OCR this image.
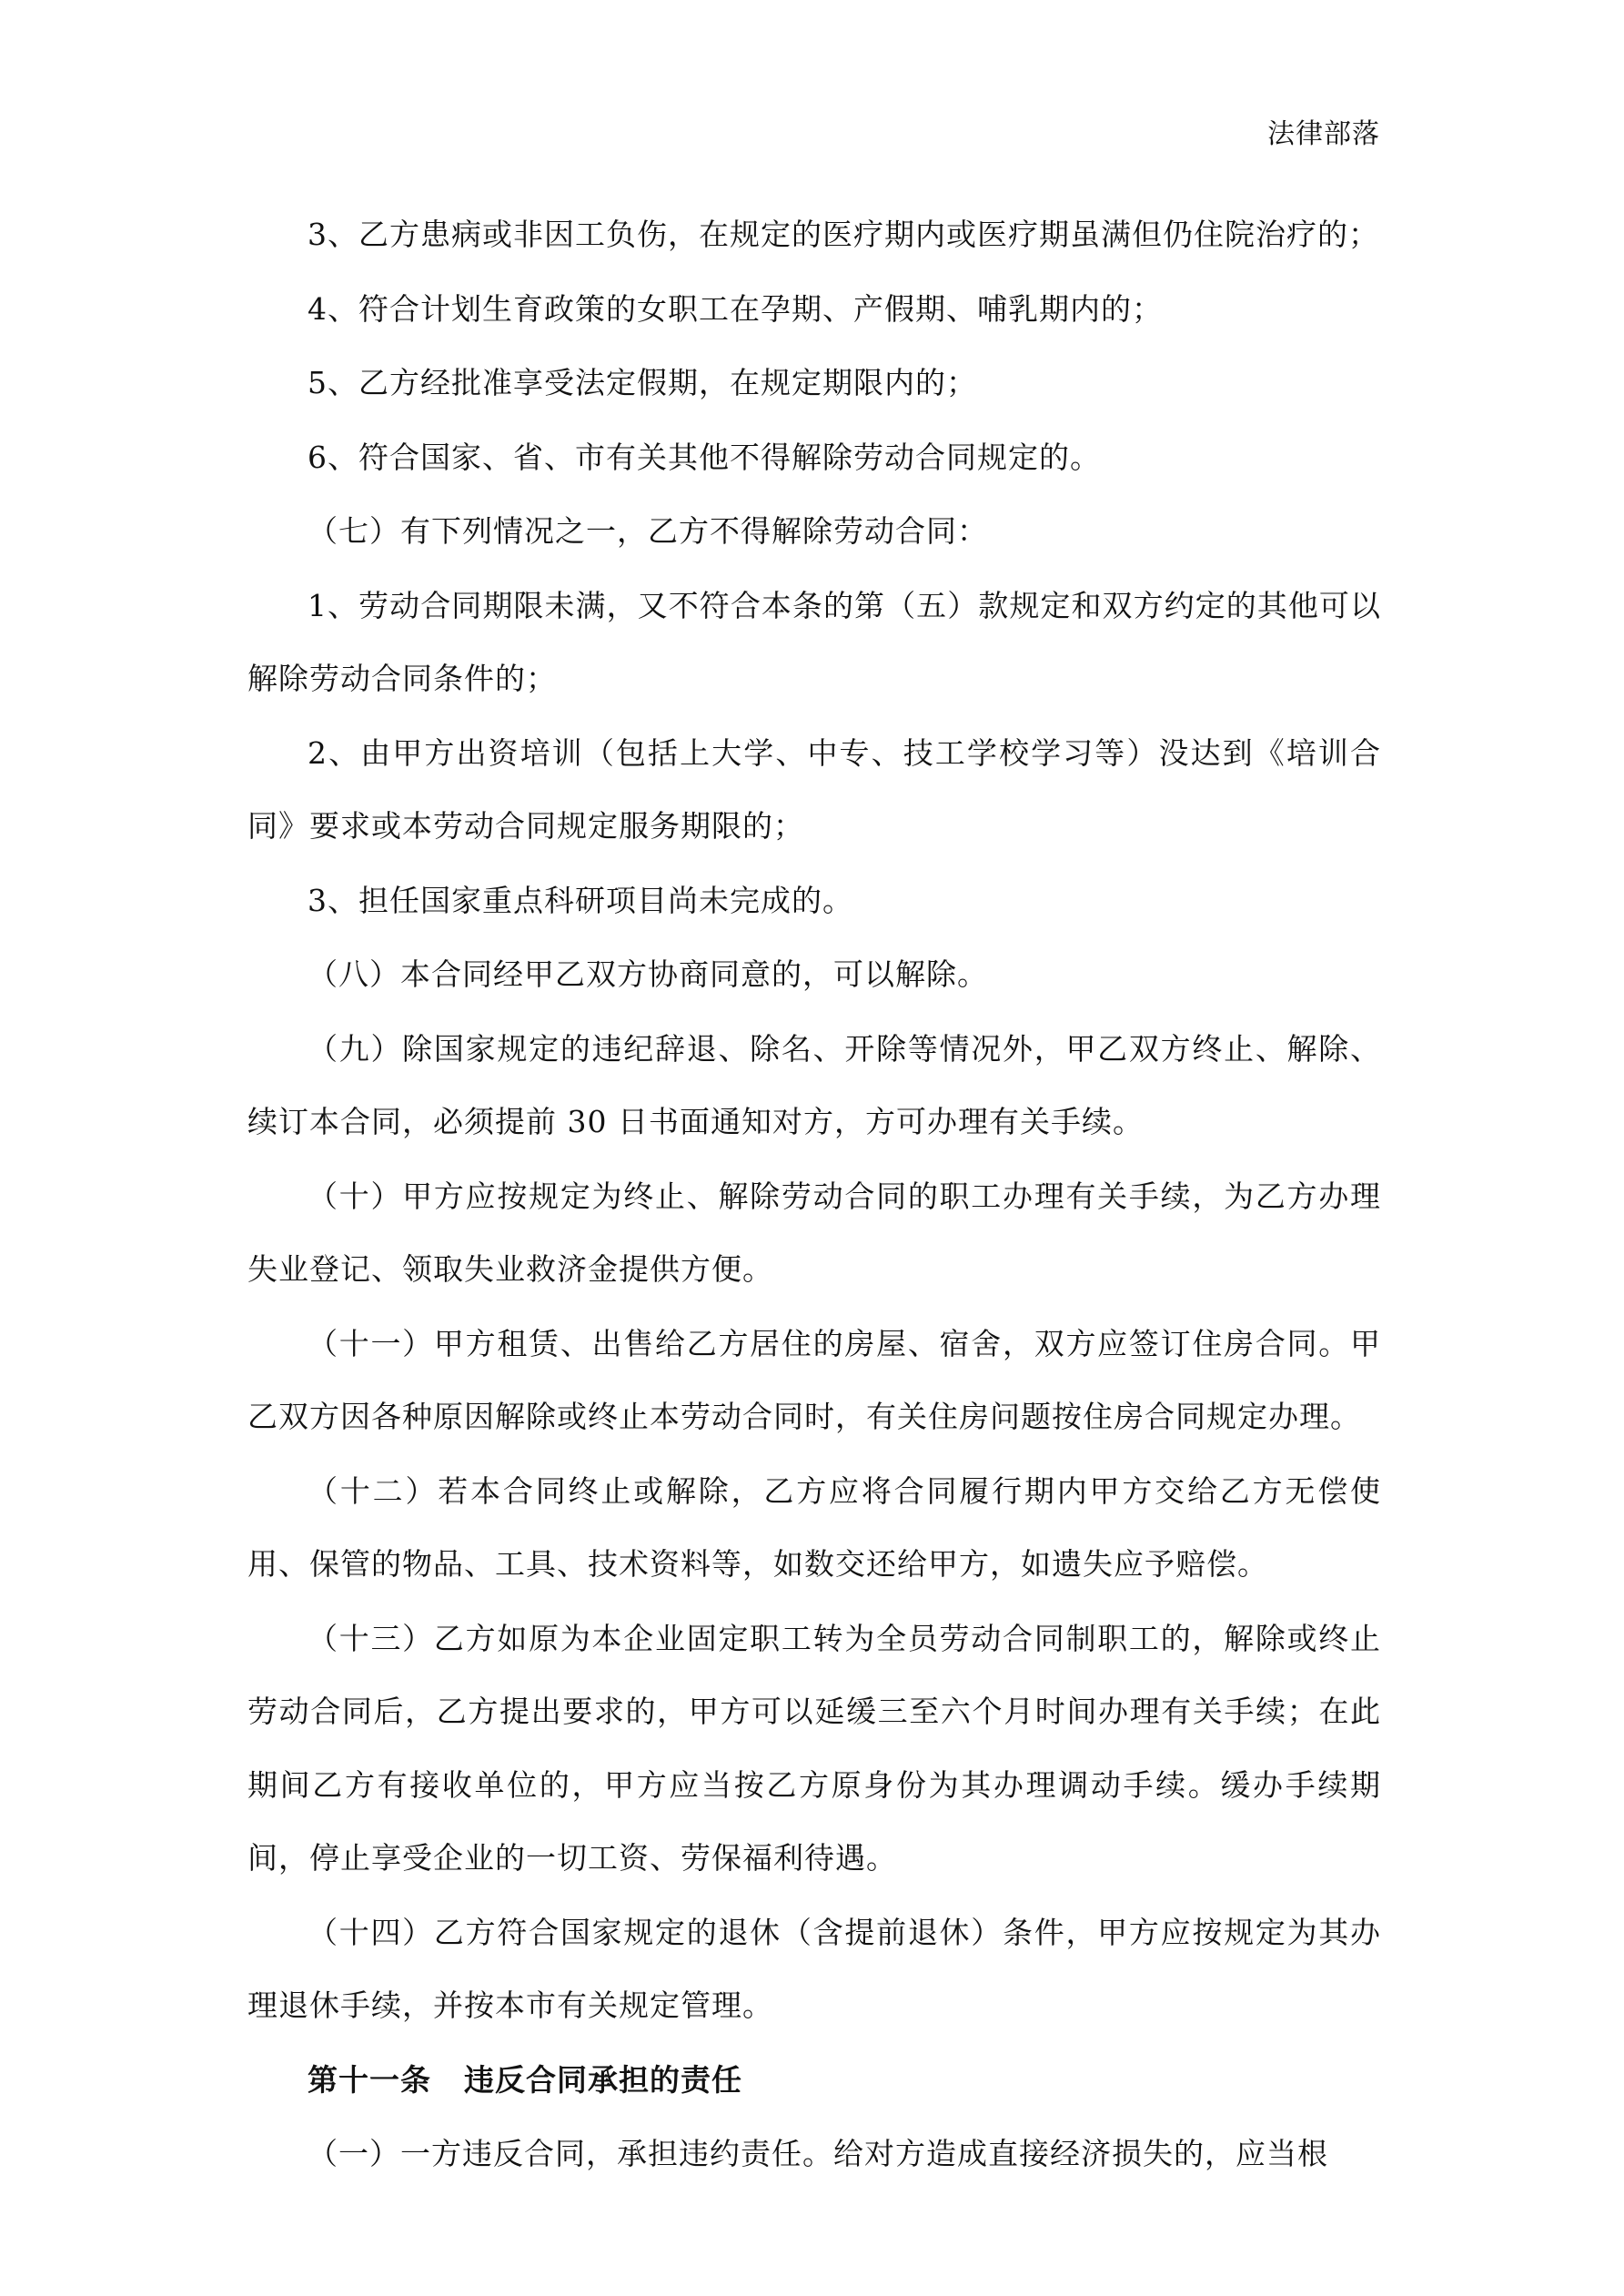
法律部落

3、乙方患病或非因工负伤，在规定的医疗期内或医疗期虽满但仍住院治疗的；

4、符合计划生育政策的女职工在孕期、产假期、哺乳期内的；

5、乙方经批准享受法定假期，在规定期限内的；

6、符合国家、省、市有关其他不得解除劳动合同规定的。

（七）有下列情况之一，乙方不得解除劳动合同：

1、劳动合同期限未满，又不符合本条的第（五）款规定和双方约定的其他可以解除劳动合同条件的；

2、由甲方出资培训（包括上大学、中专、技工学校学习等）没达到《培训合同》要求或本劳动合同规定服务期限的；

3、担任国家重点科研项目尚未完成的。

（八）本合同经甲乙双方协商同意的，可以解除。

（九）除国家规定的违纪辞退、除名、开除等情况外，甲乙双方终止、解除、续订本合同，必须提前 30 日书面通知对方，方可办理有关手续。

（十）甲方应按规定为终止、解除劳动合同的职工办理有关手续，为乙方办理失业登记、领取失业救济金提供方便。

（十一）甲方租赁、出售给乙方居住的房屋、宿舍，双方应签订住房合同。甲乙双方因各种原因解除或终止本劳动合同时，有关住房问题按住房合同规定办理。

（十二）若本合同终止或解除，乙方应将合同履行期内甲方交给乙方无偿使用、保管的物品、工具、技术资料等，如数交还给甲方，如遗失应予赔偿。

（十三）乙方如原为本企业固定职工转为全员劳动合同制职工的，解除或终止劳动合同后，乙方提出要求的，甲方可以延缓三至六个月时间办理有关手续；在此期间乙方有接收单位的，甲方应当按乙方原身份为其办理调动手续。缓办手续期间，停止享受企业的一切工资、劳保福利待遇。

（十四）乙方符合国家规定的退休（含提前退休）条件，甲方应按规定为其办理退休手续，并按本市有关规定管理。

第十一条 违反合同承担的责任

（一）一方违反合同，承担违约责任。给对方造成直接经济损失的，应当根
